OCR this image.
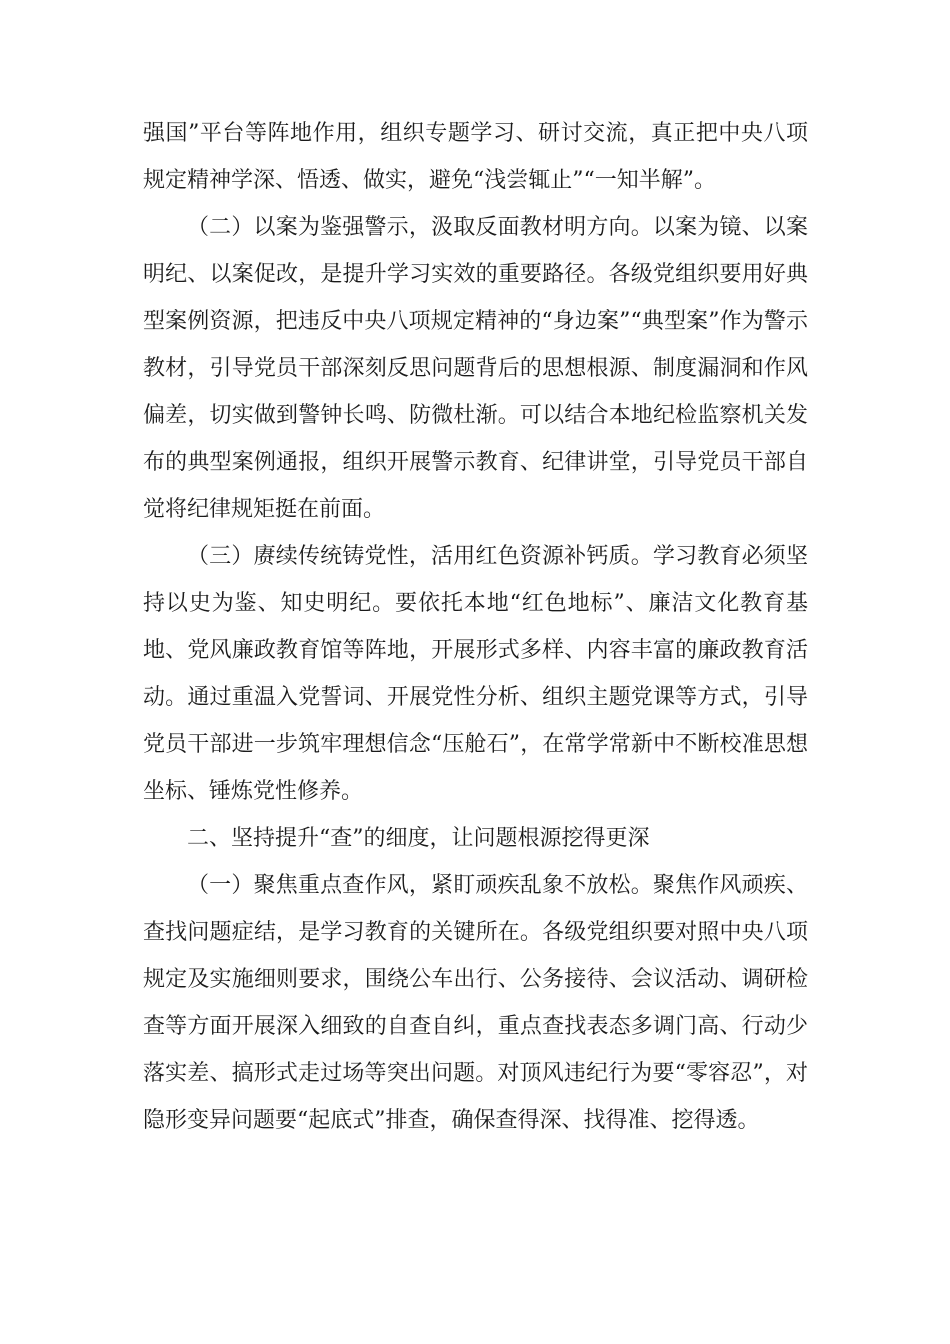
强国”平台等阵地作用，组织专题学习、研讨交流，真正把中央八项规定精神学深、悟透、做实，避免“浅尝辄止”“一知半解”。

（二）以案为鉴强警示，汲取反面教材明方向。以案为镜、以案明纪、以案促改，是提升学习实效的重要路径。各级党组织要用好典型案例资源，把违反中央八项规定精神的“身边案”“典型案”作为警示教材，引导党员干部深刻反思问题背后的思想根源、制度漏洞和作风偏差，切实做到警钟长鸣、防微杜渐。可以结合本地纪检监察机关发布的典型案例通报，组织开展警示教育、纪律讲堂，引导党员干部自觉将纪律规矩挺在前面。

（三）赓续传统铸党性，活用红色资源补钙质。学习教育必须坚持以史为鉴、知史明纪。要依托本地“红色地标”、廉洁文化教育基地、党风廉政教育馆等阵地，开展形式多样、内容丰富的廉政教育活动。通过重温入党誓词、开展党性分析、组织主题党课等方式，引导党员干部进一步筑牢理想信念“压舱石”，在常学常新中不断校准思想坐标、锤炼党性修养。

二、坚持提升“查”的细度，让问题根源挖得更深

（一）聚焦重点查作风，紧盯顽疾乱象不放松。聚焦作风顽疾、查找问题症结，是学习教育的关键所在。各级党组织要对照中央八项规定及实施细则要求，围绕公车出行、公务接待、会议活动、调研检查等方面开展深入细致的自查自纠，重点查找表态多调门高、行动少落实差、搞形式走过场等突出问题。对顶风违纪行为要“零容忍”，对隐形变异问题要“起底式”排查，确保查得深、找得准、挖得透。
